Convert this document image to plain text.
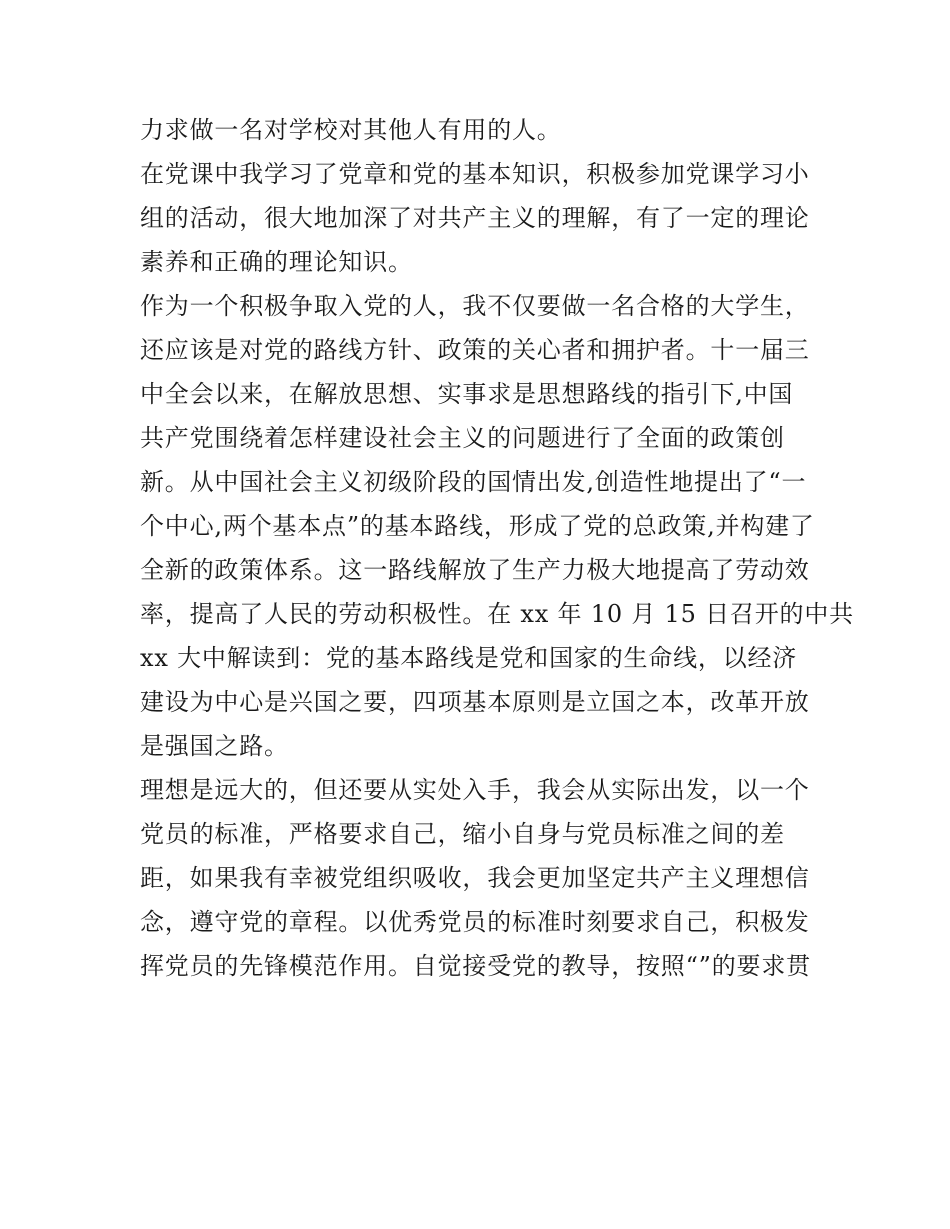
力求做一名对学校对其他人有用的人。
在党课中我学习了党章和党的基本知识，积极参加党课学习小
组的活动，很大地加深了对共产主义的理解，有了一定的理论
素养和正确的理论知识。
作为一个积极争取入党的人，我不仅要做一名合格的大学生，
还应该是对党的路线方针、政策的关心者和拥护者。十一届三
中全会以来，在解放思想、实事求是思想路线的指引下,中国
共产党围绕着怎样建设社会主义的问题进行了全面的政策创
新。从中国社会主义初级阶段的国情出发,创造性地提出了“一
个中心,两个基本点”的基本路线，形成了党的总政策,并构建了
全新的政策体系。这一路线解放了生产力极大地提高了劳动效
率，提高了人民的劳动积极性。在 xx 年 10 月 15 日召开的中共
xx 大中解读到：党的基本路线是党和国家的生命线，以经济
建设为中心是兴国之要，四项基本原则是立国之本，改革开放
是强国之路。
理想是远大的，但还要从实处入手，我会从实际出发，以一个
党员的标准，严格要求自己，缩小自身与党员标准之间的差
距，如果我有幸被党组织吸收，我会更加坚定共产主义理想信
念，遵守党的章程。以优秀党员的标准时刻要求自己，积极发
挥党员的先锋模范作用。自觉接受党的教导，按照“”的要求贯
